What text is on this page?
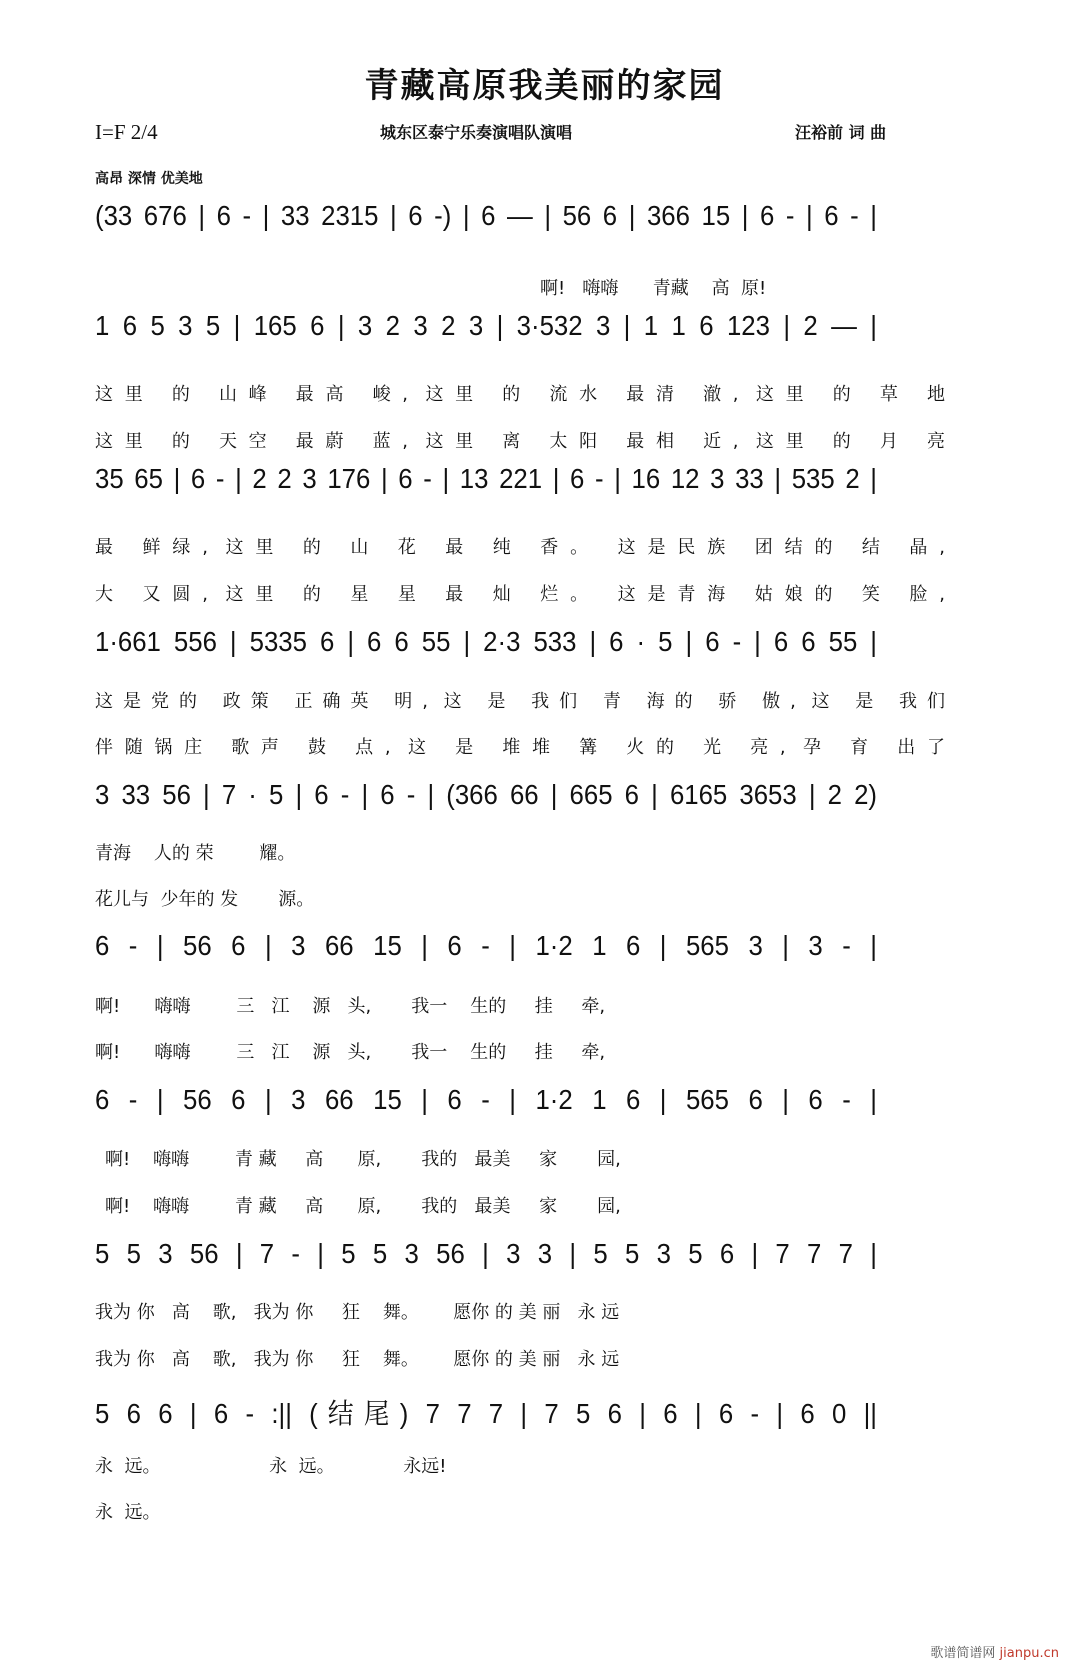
青藏高原我美丽的家园
I=F 2/4	城东区泰宁乐奏演唱队演唱	汪裕前 词 曲
高昂 深情 优美地
(33 676 | 6 - | 33 2315 | 6 -) | 6 — | 56 6 | 366 15 | 6 - | 6 - |
啊!   嗨嗨      青藏    高  原!
1 6 5 3 5 | 165 6 | 3 2 3 2 3 | 3·532 3 | 1 1 6 123 | 2 — |
这里 的 山峰 最高 峻, 这里 的 流水 最清 澈, 这里 的 草 地
这里 的 天空 最蔚 蓝, 这里 离 太阳 最相 近, 这里 的 月 亮
35 65 | 6 - | 2 2 3 176 | 6 - | 13 221 | 6 - | 16 12 3 33 | 535 2 |
最 鲜绿, 这里 的 山 花 最 纯 香。 这是民族 团结的 结 晶,
大 又圆, 这里 的 星 星 最 灿 烂。 这是青海 姑娘的 笑 脸,
1·661 556 | 5335 6 | 6 6 55 | 2·3 533 | 6 · 5 | 6 - | 6 6 55 |
这是党的 政策 正确英 明, 这 是 我们 青 海的 骄 傲, 这 是 我们
伴随锅庄 歌声 鼓 点, 这 是 堆堆 篝 火的 光 亮, 孕 育 出了
3 33 56 | 7 · 5 | 6 - | 6 - | (366 66 | 665 6 | 6165 3653 | 2 2)
青海    人的 荣        耀。
花儿与  少年的 发       源。
6 - | 56 6 | 3 66 15 | 6 - | 1·2 1 6 | 565 3 | 3 - |
啊!      嗨嗨        三   江    源   头,       我一    生的     挂     牵,
啊!      嗨嗨        三   江    源   头,       我一    生的     挂     牵,
6 - | 56 6 | 3 66 15 | 6 - | 1·2 1 6 | 565 6 | 6 - |
啊!    嗨嗨        青 藏     高      原,       我的   最美     家       园,
啊!    嗨嗨        青 藏     高      原,       我的   最美     家       园,
5 5 3 56 | 7 - | 5 5 3 56 | 3 3 | 5 5 3 5 6 | 7 7 7 |
我为 你   高    歌,   我为 你     狂    舞。      愿你 的 美 丽   永 远
我为 你   高    歌,   我为 你     狂    舞。      愿你 的 美 丽   永 远
5 6 6 | 6 - :|| (结尾) 7 7 7 | 7 5 6 | 6 | 6 - | 6 0 ||
永  远。                   永  远。            永远!
永  远。
歌谱简谱网 jianpu.cn
